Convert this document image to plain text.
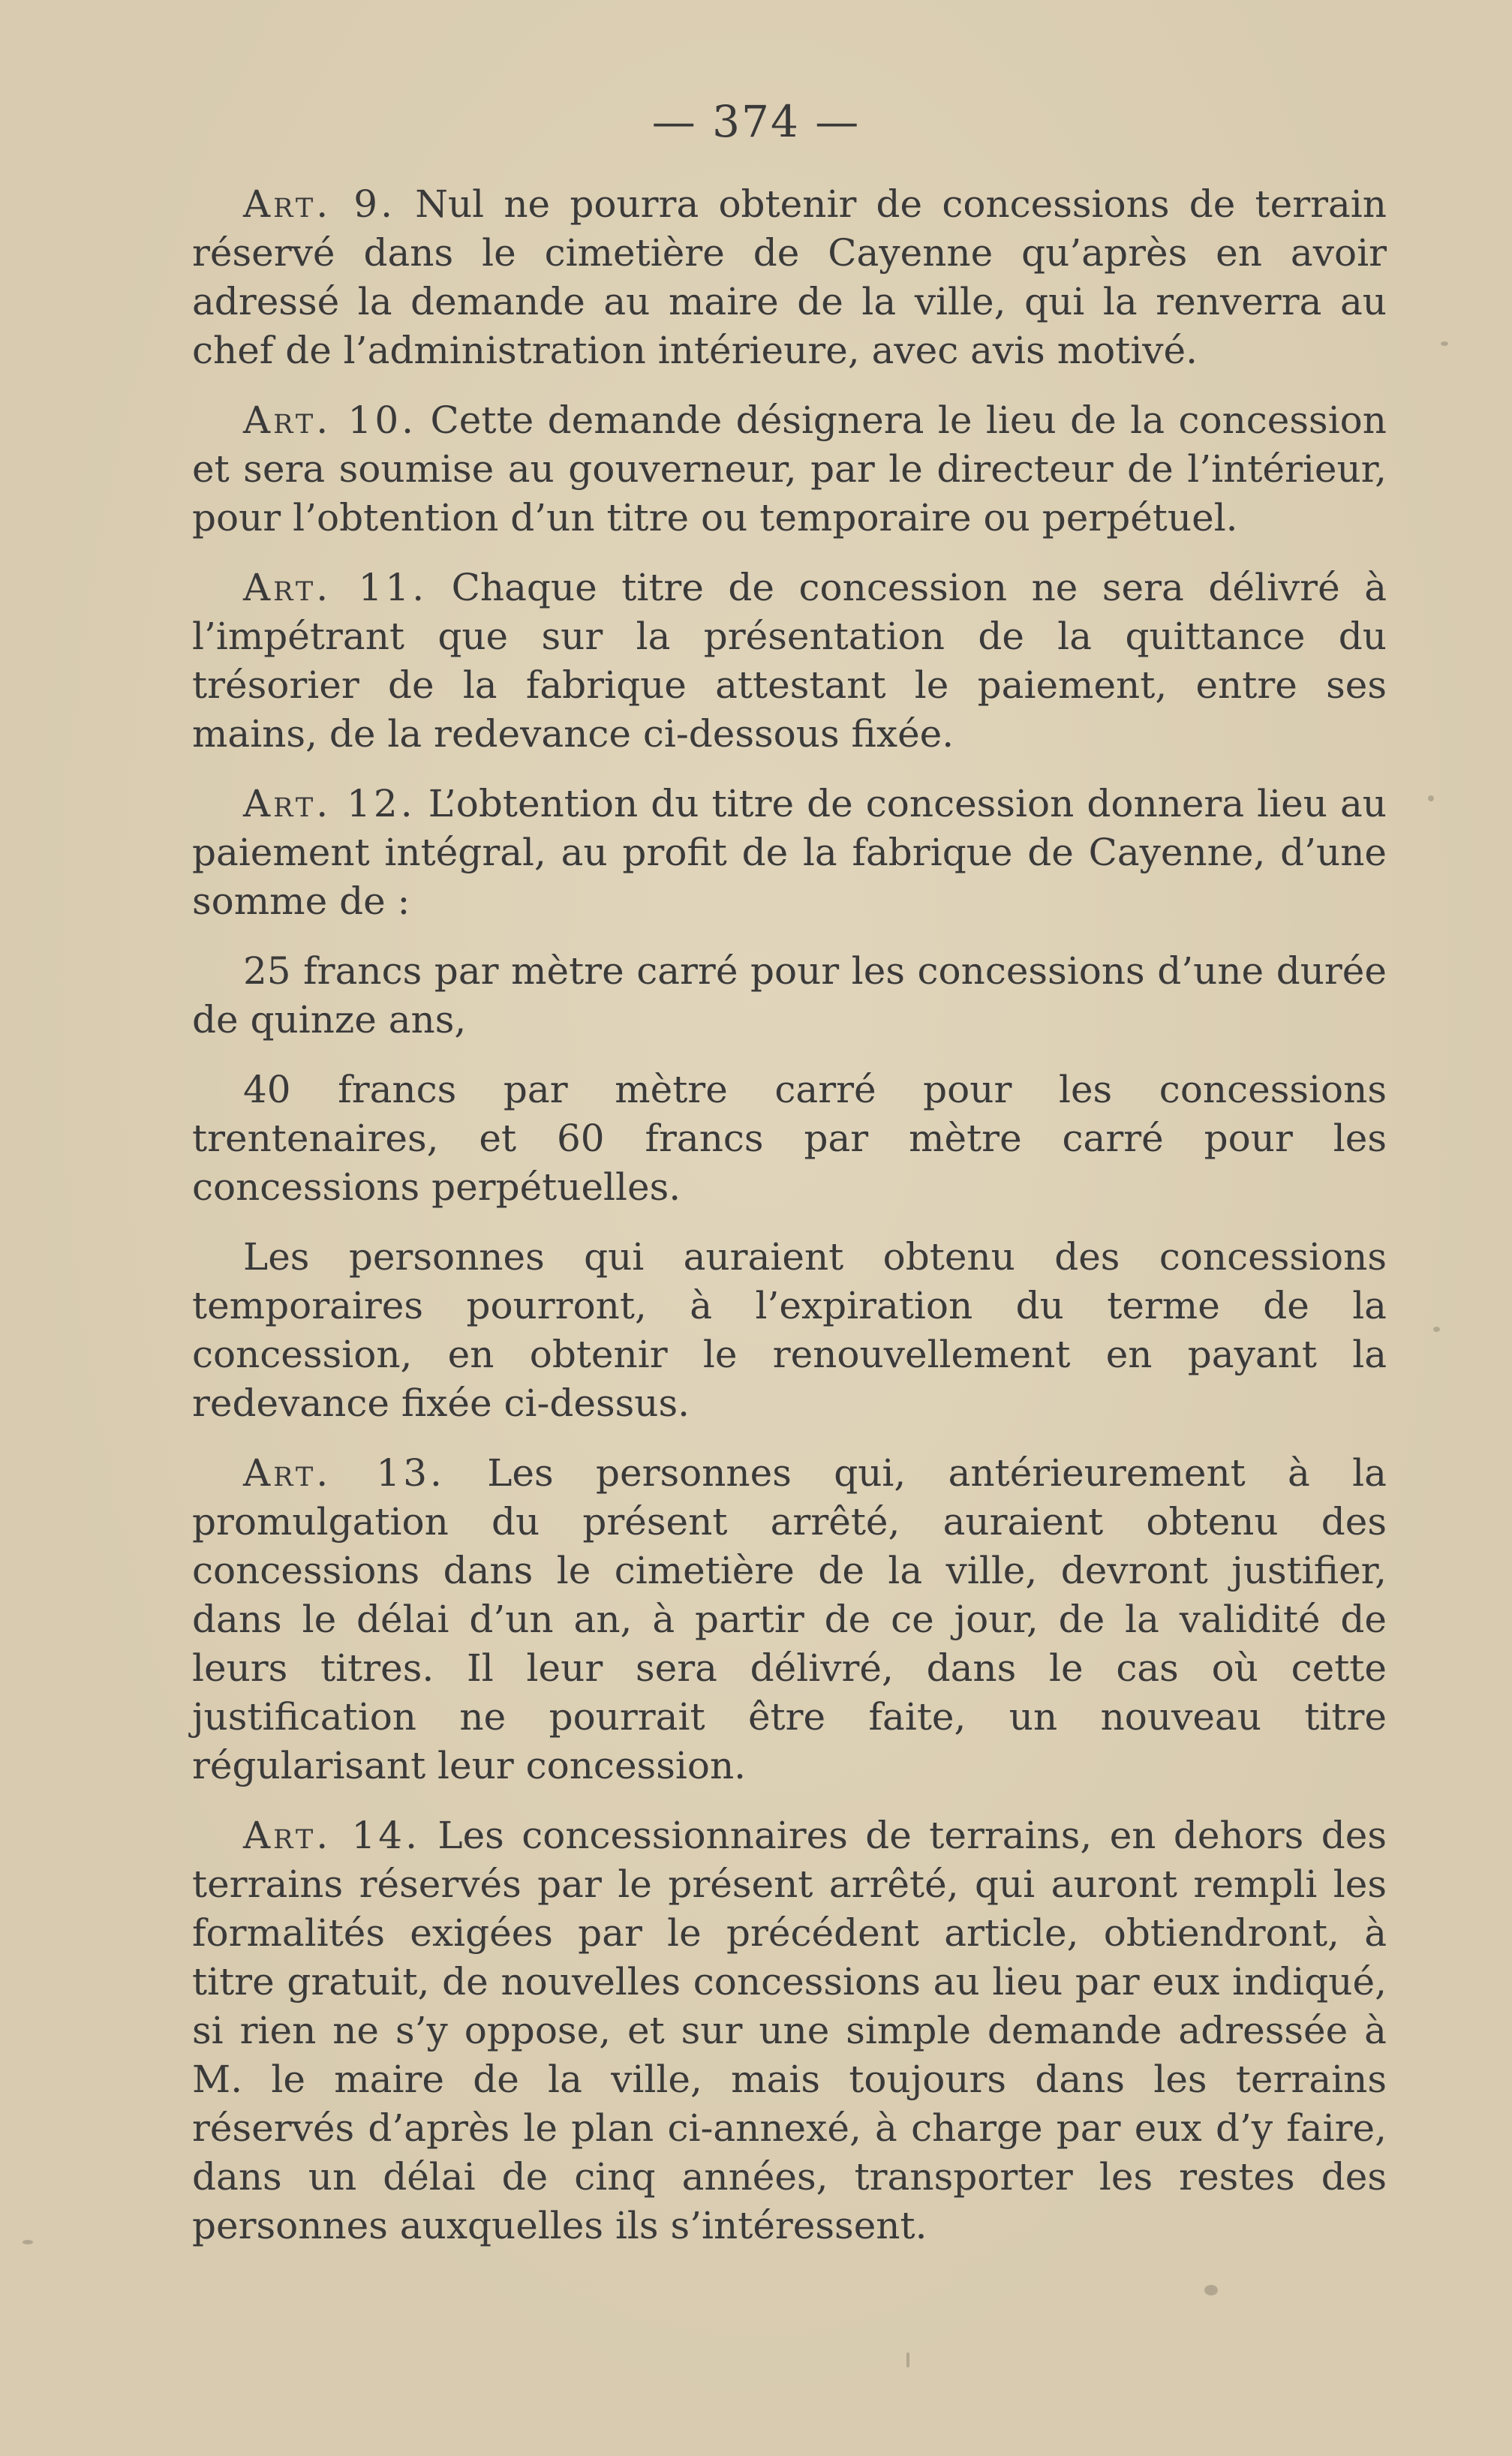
— 374 —

Art. 9. Nul ne pourra obtenir de concessions de terrain réservé dans le cimetière de Cayenne qu’après en avoir adressé la demande au maire de la ville, qui la renverra au chef de l’administration intérieure, avec avis motivé.

Art. 10. Cette demande désignera le lieu de la concession et sera soumise au gouverneur, par le directeur de l’intérieur, pour l’obtention d’un titre ou temporaire ou perpétuel.

Art. 11. Chaque titre de concession ne sera délivré à l’impétrant que sur la présentation de la quittance du trésorier de la fabrique attestant le paiement, entre ses mains, de la redevance ci-dessous fixée.

Art. 12. L’obtention du titre de concession donnera lieu au paiement intégral, au profit de la fabrique de Cayenne, d’une somme de :

25 francs par mètre carré pour les concessions d’une durée de quinze ans,

40 francs par mètre carré pour les concessions trentenaires, et 60 francs par mètre carré pour les concessions perpétuelles.

Les personnes qui auraient obtenu des concessions temporaires pourront, à l’expiration du terme de la concession, en obtenir le renouvellement en payant la redevance fixée ci-dessus.

Art. 13. Les personnes qui, antérieurement à la promulgation du présent arrêté, auraient obtenu des concessions dans le cimetière de la ville, devront justifier, dans le délai d’un an, à partir de ce jour, de la validité de leurs titres. Il leur sera délivré, dans le cas où cette justification ne pourrait être faite, un nouveau titre régularisant leur concession.

Art. 14. Les concessionnaires de terrains, en dehors des terrains réservés par le présent arrêté, qui auront rempli les formalités exigées par le précédent article, obtiendront, à titre gratuit, de nouvelles concessions au lieu par eux indiqué, si rien ne s’y oppose, et sur une simple demande adressée à M. le maire de la ville, mais toujours dans les terrains réservés d’après le plan ci-annexé, à charge par eux d’y faire, dans un délai de cinq années, transporter les restes des personnes auxquelles ils s’intéressent.
